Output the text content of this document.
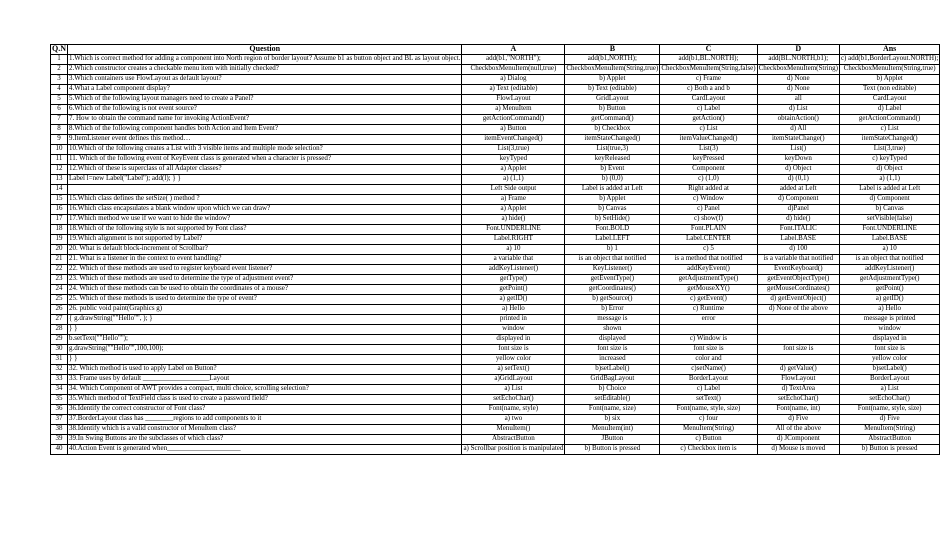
Q.N	Question	A	B	C	D	Ans
1	1.Which is correct method for adding a component into North region of border layout? Assume b1 as button object and BL as layout object.	add(b1,"NORTH");	add(b1,NORTH);	add(b1,BL.NORTH);	add(BL.NORTH,b1);	c) add(b1,BorderLayout.NORTH);
2	2.Which constructor creates a checkable menu item with initially checked?	CheckboxMenuItem(null,true)	CheckboxMenuItem(String,true)	CheckboxMenuItem(String,false)	CheckboxMenuItem(String)	CheckboxMenuItem(String,true)
3	3.Which containers use FlowLayout as default layout?	a) Dialog	b) Applet	c) Frame	d) None	b) Applet
4	4.What a Label component display?	a) Text (editable)	b) Text (editable)	c) Both a and b	d) None	Text (non editable)
5	5.Which of the following layout managers need to create a Panel?	FlowLayout	GridLayout	CardLayout	all	CardLayout
6	6.Which of the following is not event source?	a) MenuItem	b) Button	c) Label	d) List	d) Label
7	7. How to obtain the command name for invoking ActionEvent?	getActionCommand()	getCommand()	getAction()	obtainAction()	getActionCommand()
8	8.Which of the following component handles both Action and Item Event?	a) Button	b) Checkbox	c) List	d) All	c) List
9	9.ItemListener event defines this method…	itemEventChanged()	itemStateChanged()	itemValueChanged()	itemStateChange()	itemStateChanged()
10	10.Which of the following creates a List with 3 visible items and multiple mode selection?	List(3,true)	List(true,3)	List(3)	List()	List(3,true)
11	11. Which of the following event of KeyEvent class is generated when a character is pressed?	keyTyped	keyReleased	keyPressed	keyDown	c) keyTyped
12	12.Which of these is superclass of all Adapter classes?	a) Applet	b) Event	Component	d) Object	d) Object
13	Label l=new Label("Label"); add(l); } }	a) (1,1)	b) (0,0)	c) (1,0)	d) (0,1)	a) (1,1)
14		Left Side output	Label is added at Left	Right added at	added at Left	Label is added at Left
15	15.Which class defines the setSize( ) method ?	a) Frame	b) Applet	c) Window	d) Component	d) Component
16	16.Which class encapsulates a blank window upon which we can draw?	a) Applet	b) Canvas	c) Panel	d)Panel	b) Canvas
17	17.Which method we use if we want to hide the window?	a) hide()	b) SetHide()	c) show(f)	d) hide()	setVisible(false)
18	18.Which of the following style is not supported by Font class?	Font.UNDERLINE	Font.BOLD	Font.PLAIN	Font.ITALIC	Font.UNDERLINE
19	19.Which alignment is not supported by Label?	Label.RIGHT	Label.LEFT	Label.CENTER	Label.BASE	Label.BASE
20	20. What is default block-increment of Scrollbar?	a) 10	b) 1	c) 5	d) 100	a) 10
21	21. What is a listener in the context to event handling?	a variable that	is an object that notified	is a method that notified	is a variable that notified	is an object that notified
22	22. Which of these methods are used to register keyboard event listener?	addKeyListener()	KeyListener()	addKeyEvent()	EventKeyboard()	addKeyListener()
23	23. Which of these methods are used to determine the type of adjustment event?	getType()	getEventType()	getAdjustmentType()	getEventObjectType()	getAdjustmentType()
24	24. Which of these methods can be used to obtain the coordinates of a mouse?	getPoint()	getCoordinates()	getMouseXY()	getMouseCordinates()	getPoint()
25	25. Which of these methods is used to determine the type of event?	a) getID()	b) getSource()	c) getEvent()	d) getEventObject()	a) getID()
26	26. public void paint(Graphics g)	a) Hello	b) Error	c) Runtime	d) None of the above	a) Hello
27	{ g.drawString(""Hello"", ); }	printed in	message is	error		message is printed
28	} }	window	shown			window
29	b.setText(""Hello"");	displayed in	displayed	c) Window is		displayed in
30	g.drawString(""Hello"",100,100);	font size is	font size is	font size is	font size is	font size is
31	} }	yellow color	increased	color and		yellow color
32	32. Which method is used to apply Label on Button?	a) setText()	b)setLabel()	c)setName()	d) getValue()	b)setLabel()
33	33. Frame uses by default ___________________Layout	a)GridLayout	GridBagLayout	BorderLayout	FlowLayout	BorderLayout
34	34. Which Component of AWT provides a compact, multi choice, scrolling selection?	a) List	b) Choice	c) Label	d) TextArea	a) List
35	35.Which method of TextField class is used to create a password field?	setEchoChar()	setEditable()	setText()	setEchoChar()	setEchoChar()
36	36.Identify the correct constructor of Font class?	Font(name, style)	Font(name, size)	Font(name, style, size)	Font(name, int)	Font(name, style, size)
37	37.BorderLayout class has ________regions to add components to it	a) two	b) six	c) four	d) Five	d) Five
38	38.Identify which is a valid constructor of MenuItem class?	MenuItem()	MenuItem(int)	MenuItem(String)	All of the above	MenuItem(String)
39	39.In Swing Buttons are the subclasses of which class?	AbstractButton	JButton	c) Button	d) JComponent	AbstractButton
40	40.Action Event is generated when_____________________	a) Scrollbar position is manipulated	b) Button is pressed	c) Checkbox item is	d) Mouse is moved	b) Button is pressed
